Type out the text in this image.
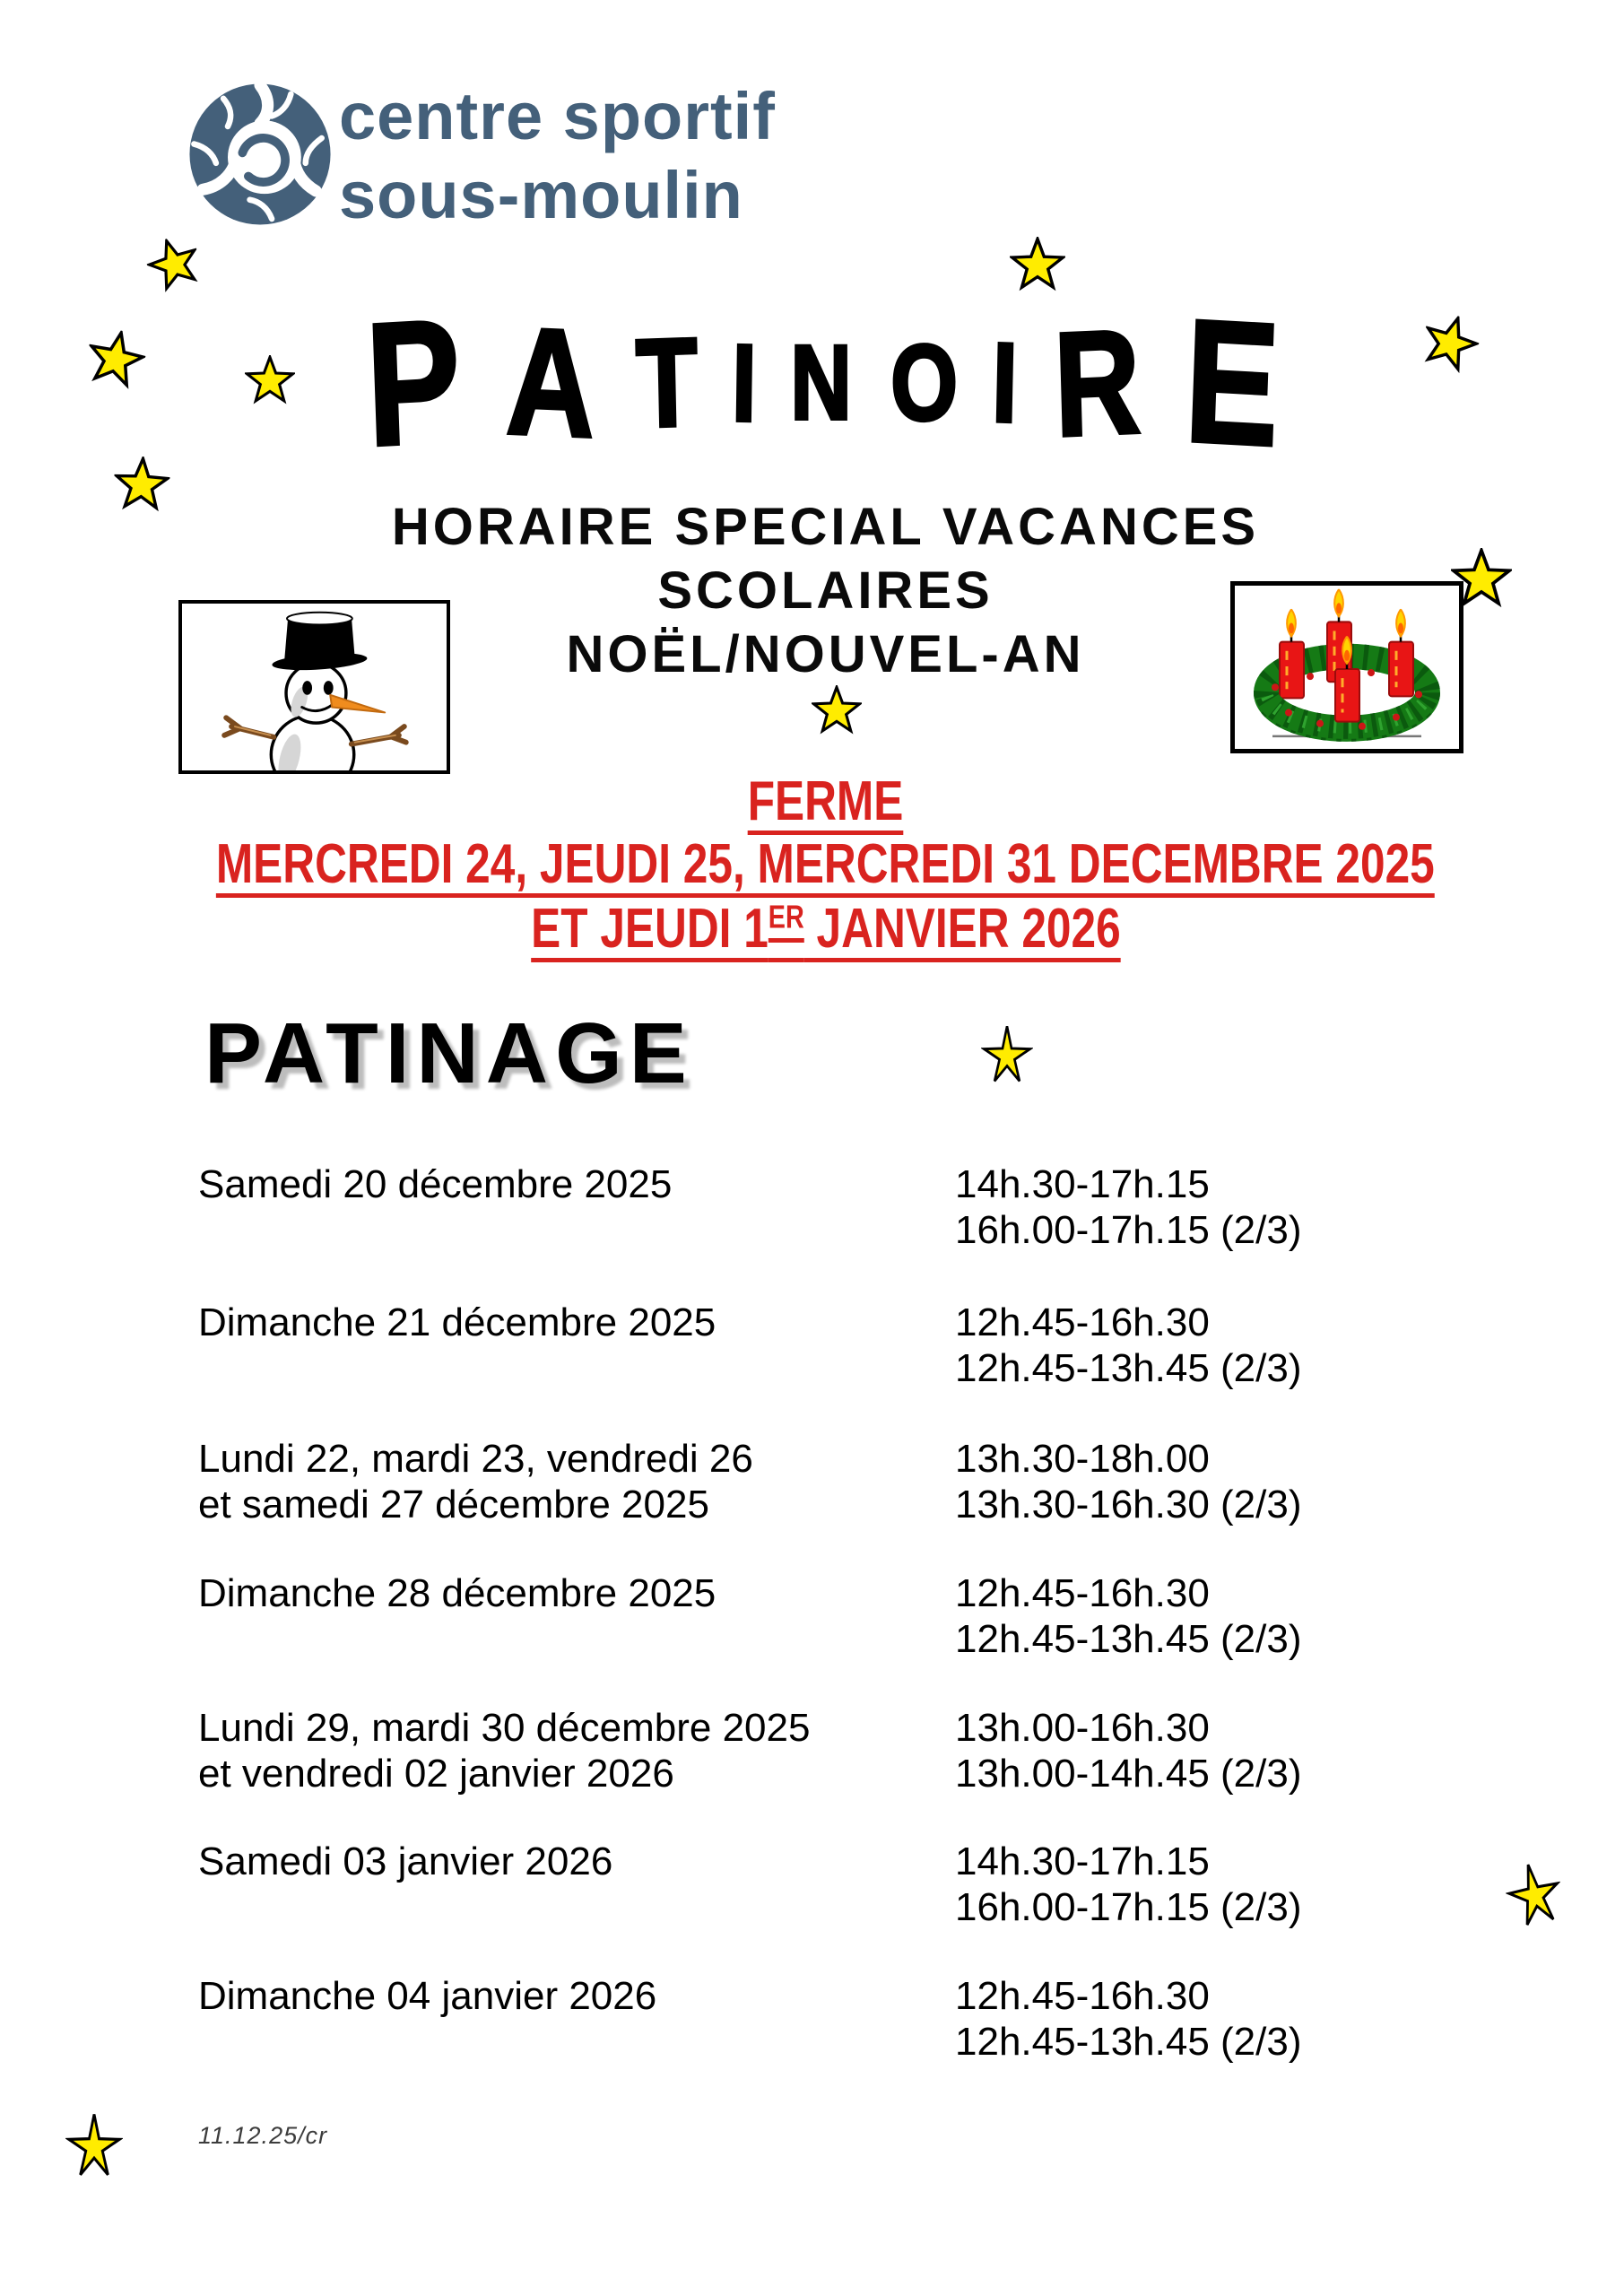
centre sportif
sous-moulin
P A T I N O I R E
HORAIRE SPECIAL VACANCES
SCOLAIRES
NOËL/NOUVEL-AN
FERME
MERCREDI 24, JEUDI 25, MERCREDI 31 DECEMBRE 2025
ET JEUDI 1ER JANVIER 2026
PATINAGE
Samedi 20 décembre 2025	14h.30-17h.15
16h.00-17h.15 (2/3)
Dimanche 21 décembre 2025	12h.45-16h.30
12h.45-13h.45 (2/3)
Lundi 22, mardi 23, vendredi 26
et samedi 27 décembre 2025
13h.30-18h.00
13h.30-16h.30 (2/3)
Dimanche 28 décembre 2025	12h.45-16h.30
12h.45-13h.45 (2/3)
Lundi 29, mardi 30 décembre 2025
et vendredi 02 janvier 2026
13h.00-16h.30
13h.00-14h.45 (2/3)
Samedi 03 janvier 2026	14h.30-17h.15
16h.00-17h.15 (2/3)
Dimanche 04 janvier 2026	12h.45-16h.30
12h.45-13h.45 (2/3)
11.12.25/cr
